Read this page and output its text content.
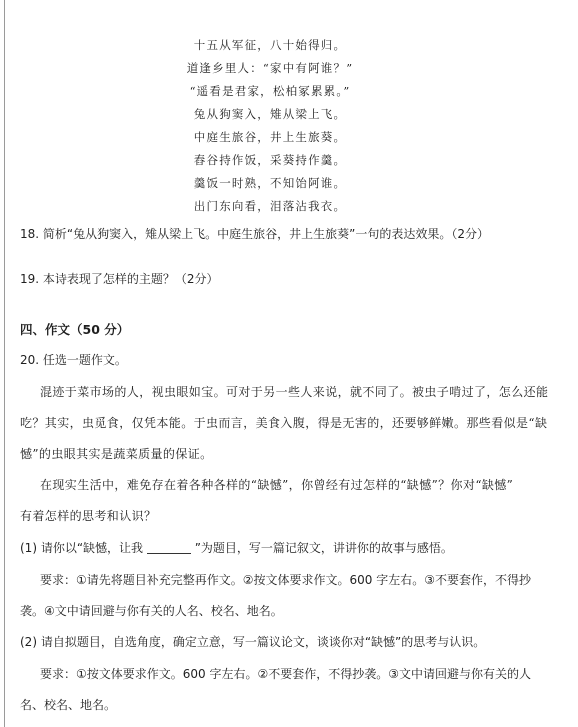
十五从军征，八十始得归。
道逢乡里人：“家中有阿谁？”
“遥看是君家，松柏冢累累。”
兔从狗窦入，雉从梁上飞。
中庭生旅谷，井上生旅葵。
舂谷持作饭，采葵持作羹。
羹饭一时熟，不知饴阿谁。
出门东向看，泪落沾我衣。
18. 简析“兔从狗窦入，雉从梁上飞。中庭生旅谷，井上生旅葵”一句的表达效果。（2分）
19. 本诗表现了怎样的主题？（2分）
四、作文（50 分）
20. 任选一题作文。
混迹于菜市场的人，视虫眼如宝。可对于另一些人来说，就不同了。被虫子啃过了，怎么还能
吃？其实，虫觅食，仅凭本能。于虫而言，美食入腹，得是无害的，还要够鲜嫩。那些看似是“缺
憾”的虫眼其实是蔬菜质量的保证。
在现实生活中，难免存在着各种各样的“缺憾”，你曾经有过怎样的“缺憾”？你对“缺憾”
有着怎样的思考和认识？
(1) 请你以“缺憾，让我	”为题目，写一篇记叙文，讲讲你的故事与感悟。
要求：①请先将题目补充完整再作文。②按文体要求作文。600 字左右。③不要套作，不得抄
袭。④文中请回避与你有关的人名、校名、地名。
(2) 请自拟题目，自选角度，确定立意，写一篇议论文，谈谈你对“缺憾”的思考与认识。
要求：①按文体要求作文。600 字左右。②不要套作，不得抄袭。③文中请回避与你有关的人
名、校名、地名。
